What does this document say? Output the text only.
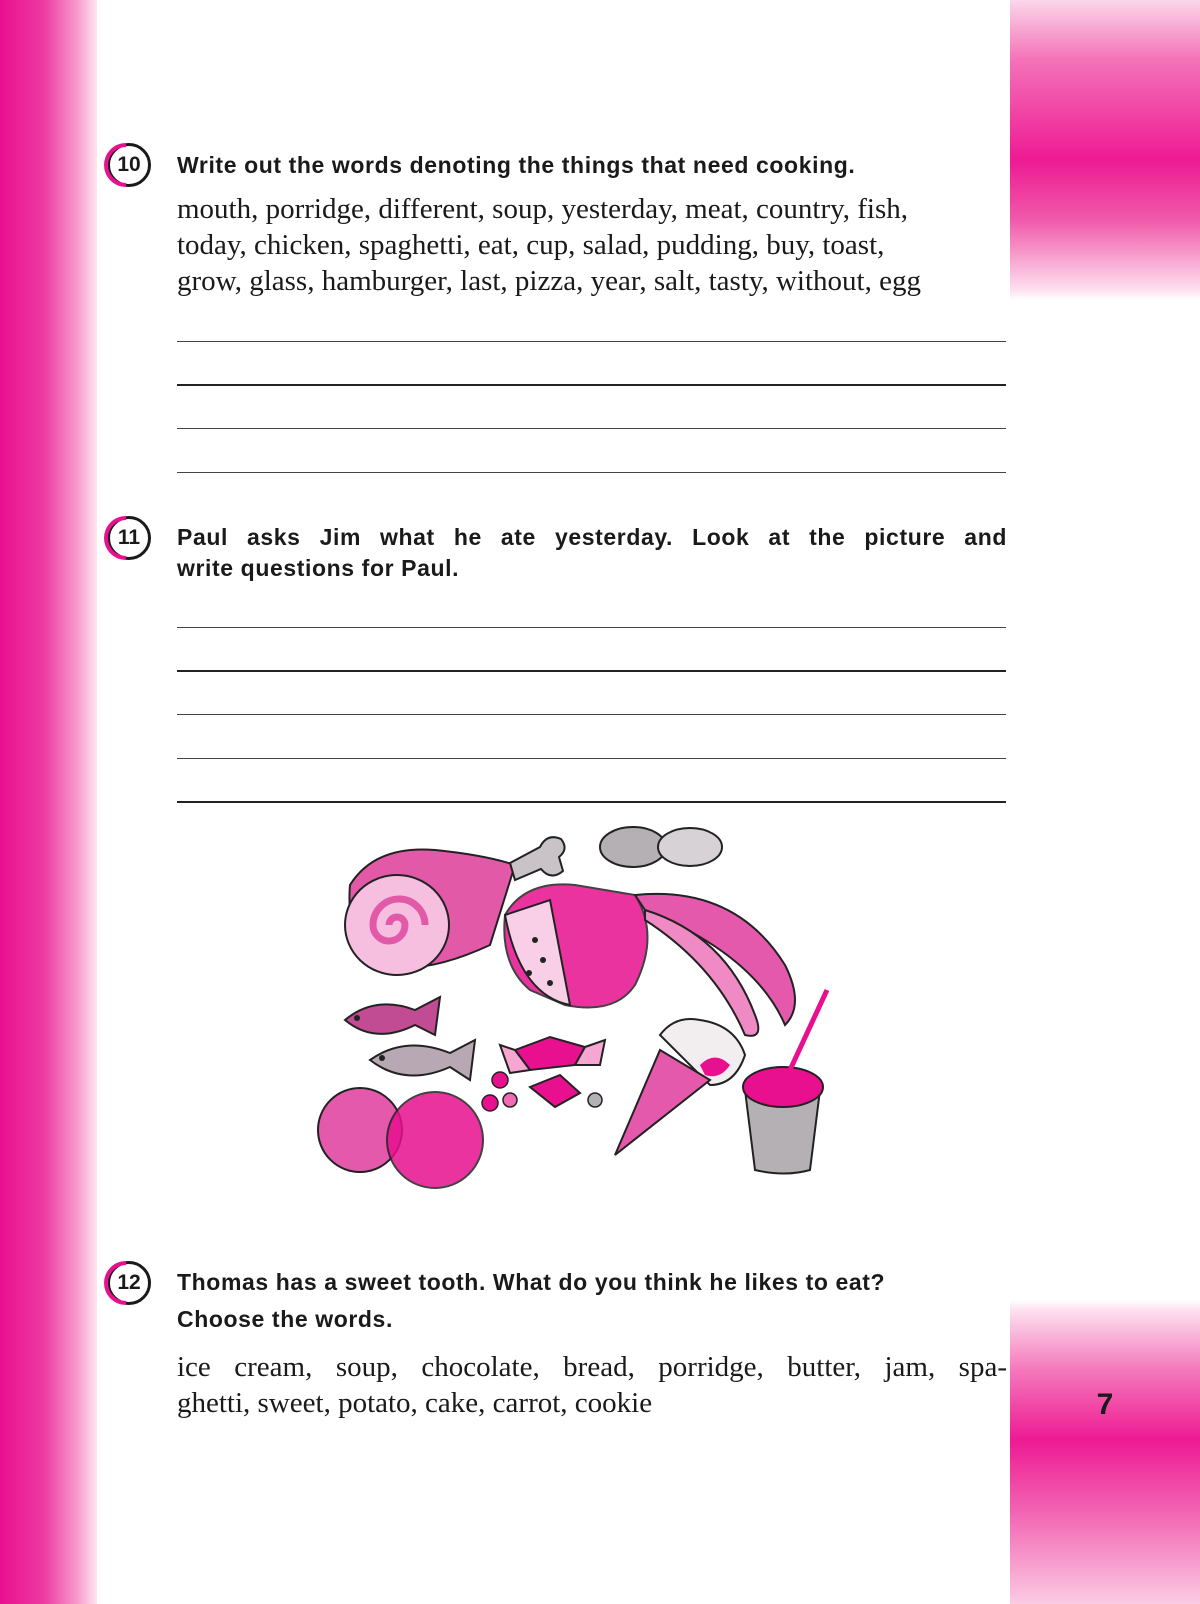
7
10	Write out the words denoting the things that need cooking.

mouth, porridge, different, soup, yesterday, meat, country, fish,

today, chicken, spaghetti, eat, cup, salad, pudding, buy, toast,

grow, glass, hamburger, last, pizza, year, salt, tasty, without, egg

11	Paul asks Jim what he ate yesterday. Look at the picture and

write questions for Paul.

12	Thomas has a sweet tooth. What do you think he likes to eat?

Choose the words.

ice cream, soup, chocolate, bread, porridge, butter, jam, spa-

ghetti, sweet, potato, cake, carrot, cookie
